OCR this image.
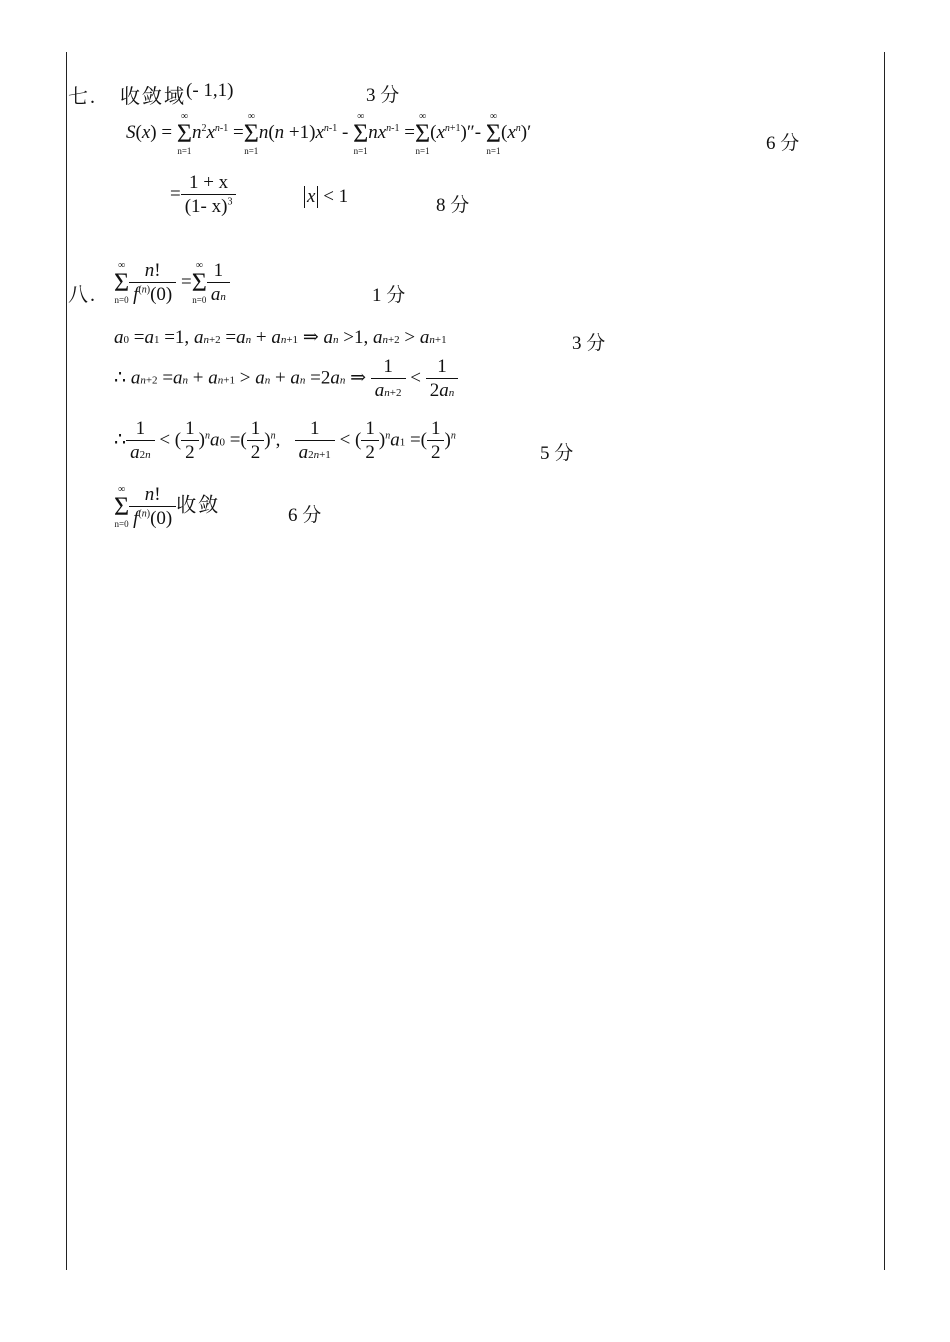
七. 收敛域 (- 1,1)	3 分
S(x) =
∞
Σ
n=1
$n^2x^{n-1}$ =
∞
Σ
n=1
$n(n +1)x^{n-1}$ -
∞
Σ
n=1
$nx^{n-1}$ =
∞
Σ
n=1
$(x^{n+1})''-$
∞
Σ
n=1
$(x^n)'$
6 分
= $\frac{1 + x}{(1- x)^3}$	x < 1	8 分
八.
∞
Σ
$n=0 \frac{n!}{f^{(n)}(0)}$ =
∞
Σ
$n=0 \frac{1}{an}$	1 分
a0 =a1 =1, an+2 =an + an+1 ⇒ an >1, an+2 > an+1	3 分
∴ an+2 =an + an+1 > an + an =2an ⇒ $\frac{1}{an+2} < \frac{1}{2an}$
∴ $\frac{1}{a2n}$ < ( $\frac{1}{2} )^na0$ =( $\frac{1}{2} )^n$, $\frac{1}{a2n+1}$ < ( $\frac{1}{2} )^na1$ =( $\frac{1}{2} )^n$
5 分
∞
Σ
$n=0 \frac{n!}{f^{(n)}(0)}$ 收敛	6 分
